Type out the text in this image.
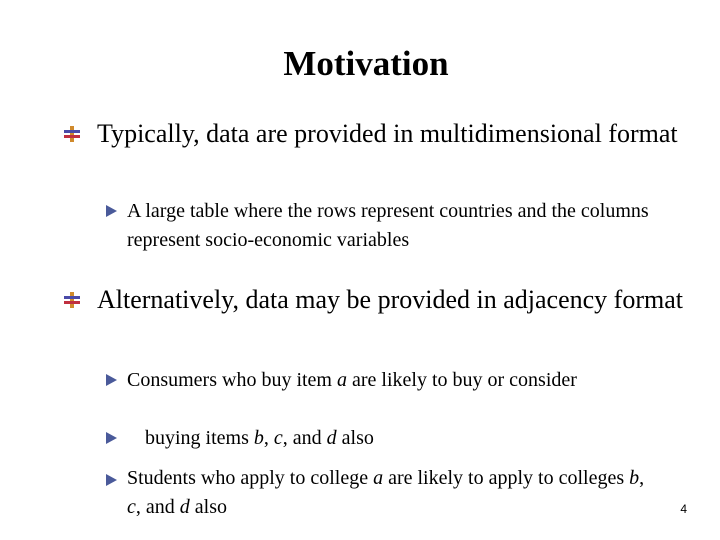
Motivation
Typically, data are provided in multidimensional format
A large table where the rows represent countries and the columns represent socio-economic variables
Alternatively, data may be provided in adjacency format
Consumers who buy item a are likely to buy or consider
buying items b, c, and d also
Students who apply to college a are likely to apply to colleges b, c, and d also	4
